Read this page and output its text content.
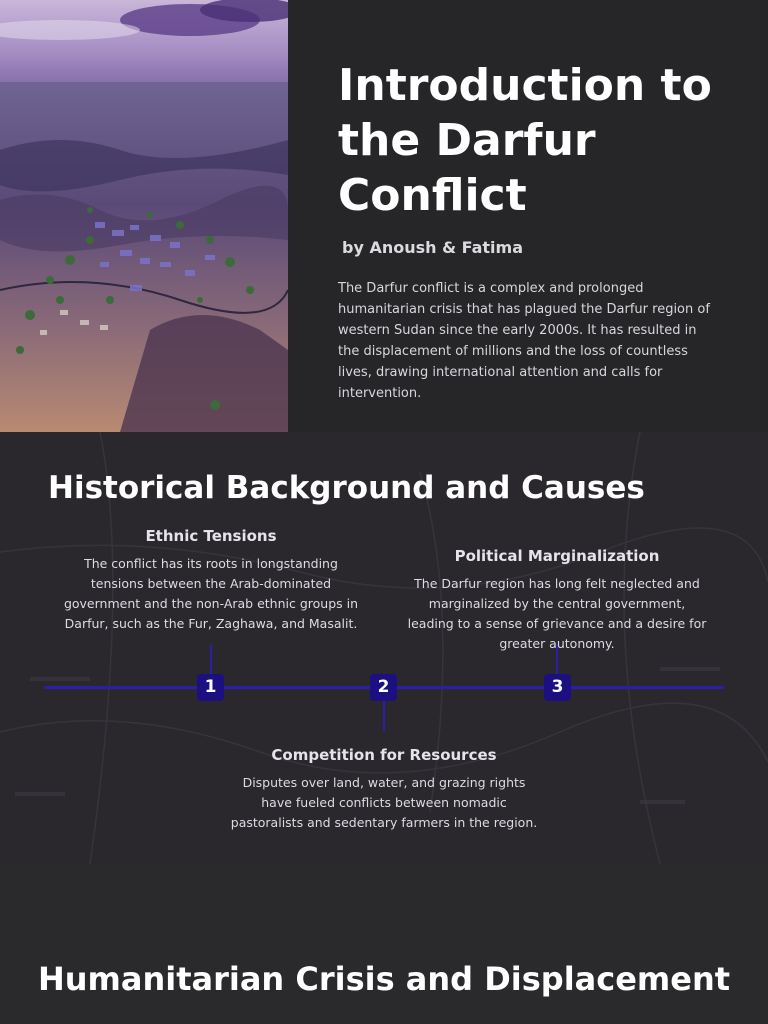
Introduction to the Darfur Conflict
by Anoush & Fatima

The Darfur conflict is a complex and prolonged humanitarian crisis that has plagued the Darfur region of western Sudan since the early 2000s. It has resulted in the displacement of millions and the loss of countless lives, drawing international attention and calls for intervention.

Historical Background and Causes
1	2	3
Ethnic Tensions
The conflict has its roots in longstanding tensions between the Arab-dominated government and the non-Arab ethnic groups in Darfur, such as the Fur, Zaghawa, and Masalit.
Political Marginalization
The Darfur region has long felt neglected and marginalized by the central government, leading to a sense of grievance and a desire for greater autonomy.
Competition for Resources
Disputes over land, water, and grazing rights have fueled conflicts between nomadic pastoralists and sedentary farmers in the region.
Humanitarian Crisis and Displacement
